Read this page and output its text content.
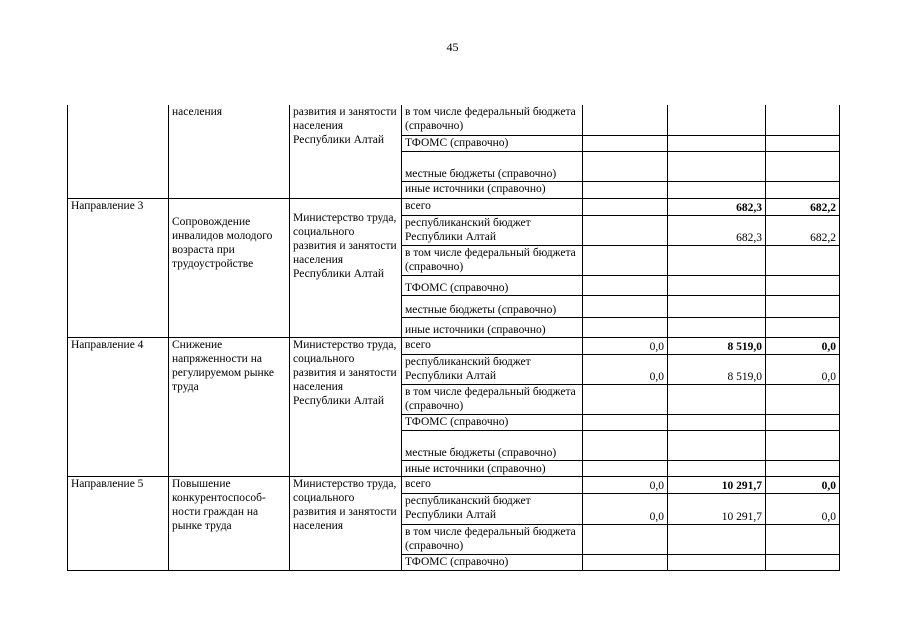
45
	населения	развития и занятости населения Республики Алтай	в том числе федеральный бюджета (справочно)			
			ТФОМС (справочно)			
			местные бюджеты (справочно)			
			иные источники (справочно)			
Направление 3	Сопровождение инвалидов молодого возраста при трудоустройстве	Министерство труда, социального развития и занятости населения Республики Алтай	всего		682,3	682,2
			республиканский бюджет Республики Алтай		682,3	682,2
			в том числе федеральный бюджета (справочно)			
			ТФОМС (справочно)			
			местные бюджеты (справочно)			
			иные источники (справочно)			
Направление 4	Снижение напряженности на регулируемом рынке труда	Министерство труда, социального развития и занятости населения Республики Алтай	всего	0,0	8 519,0	0,0
			республиканский бюджет Республики Алтай	0,0	8 519,0	0,0
			в том числе федеральный бюджета (справочно)			
			ТФОМС (справочно)			
			местные бюджеты (справочно)			
			иные источники (справочно)			
Направление 5	Повышение конкурентоспособ-ности граждан на рынке труда	Министерство труда, социального развития и занятости населения	всего	0,0	10 291,7	0,0
			республиканский бюджет Республики Алтай	0,0	10 291,7	0,0
			в том числе федеральный бюджета (справочно)			
			ТФОМС (справочно)			
